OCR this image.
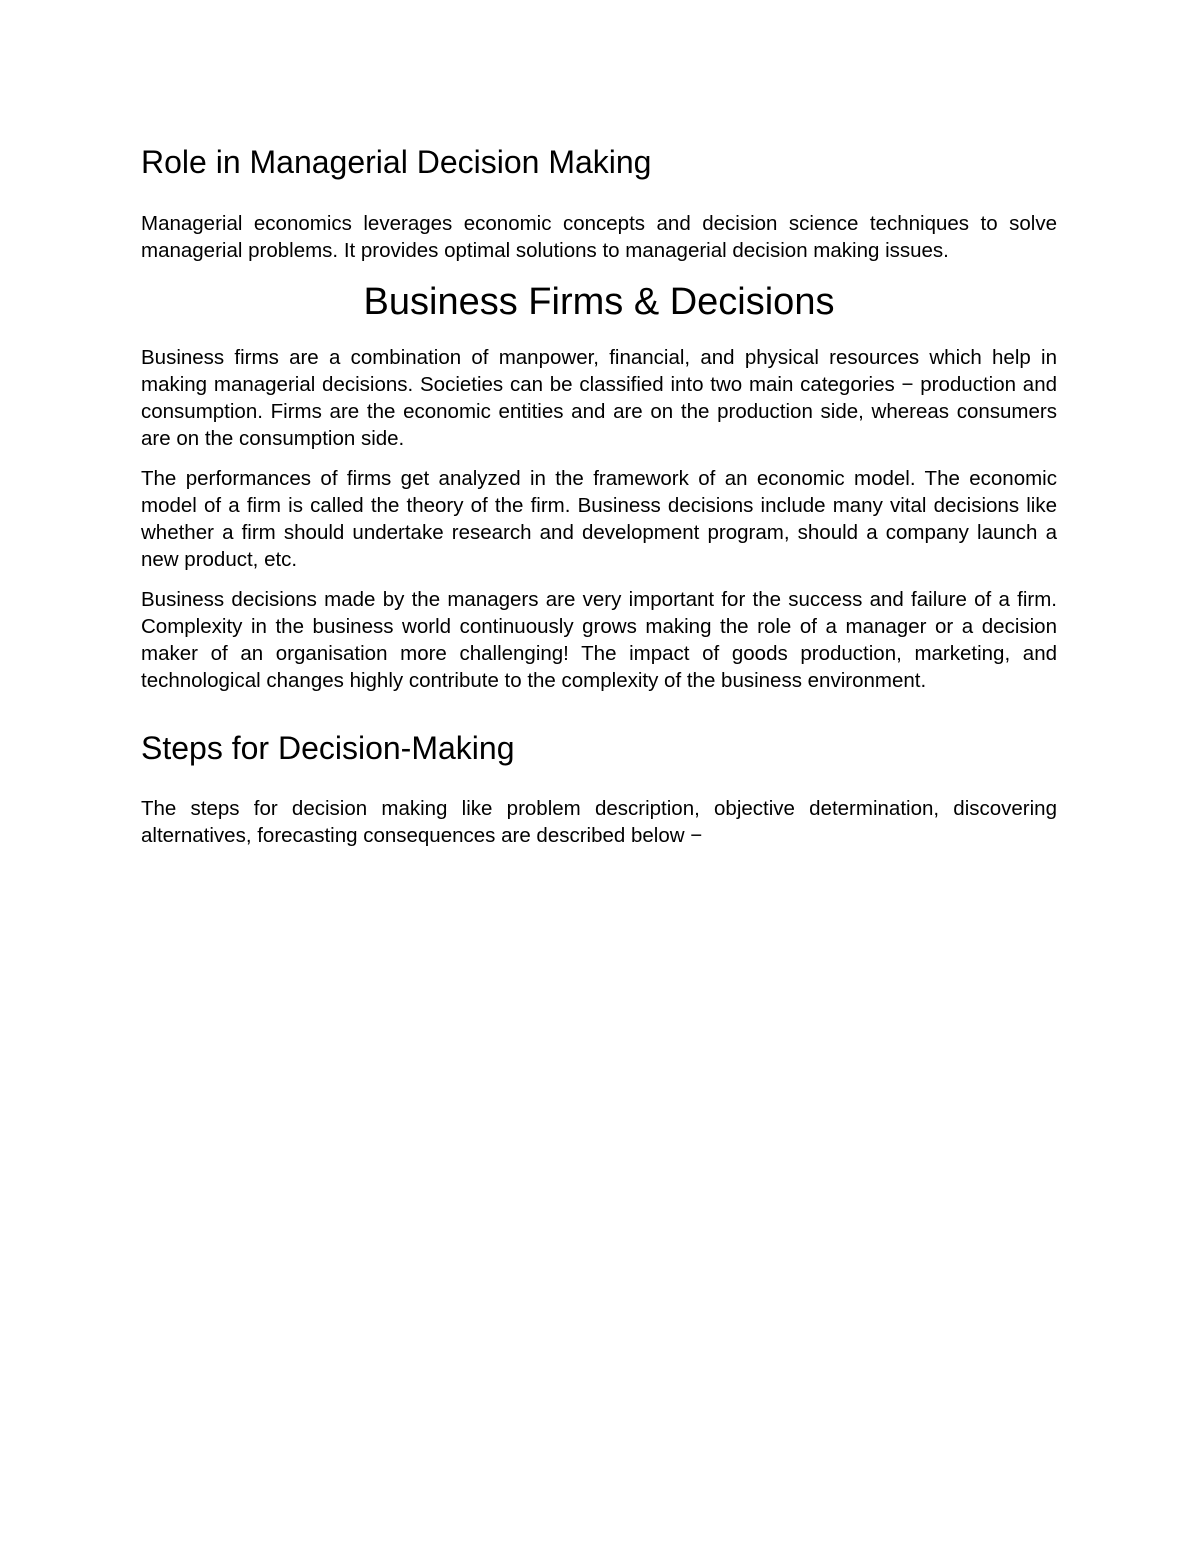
Role in Managerial Decision Making

Managerial economics leverages economic concepts and decision science techniques to solve managerial problems. It provides optimal solutions to managerial decision making issues.

Business Firms & Decisions

Business firms are a combination of manpower, financial, and physical resources which help in making managerial decisions. Societies can be classified into two main categories − production and consumption. Firms are the economic entities and are on the production side, whereas consumers are on the consumption side.

The performances of firms get analyzed in the framework of an economic model. The economic model of a firm is called the theory of the firm. Business decisions include many vital decisions like whether a firm should undertake research and development program, should a company launch a new product, etc.

Business decisions made by the managers are very important for the success and failure of a firm. Complexity in the business world continuously grows making the role of a manager or a decision maker of an organisation more challenging! The impact of goods production, marketing, and technological changes highly contribute to the complexity of the business environment.

Steps for Decision-Making

The steps for decision making like problem description, objective determination, discovering alternatives, forecasting consequences are described below −
